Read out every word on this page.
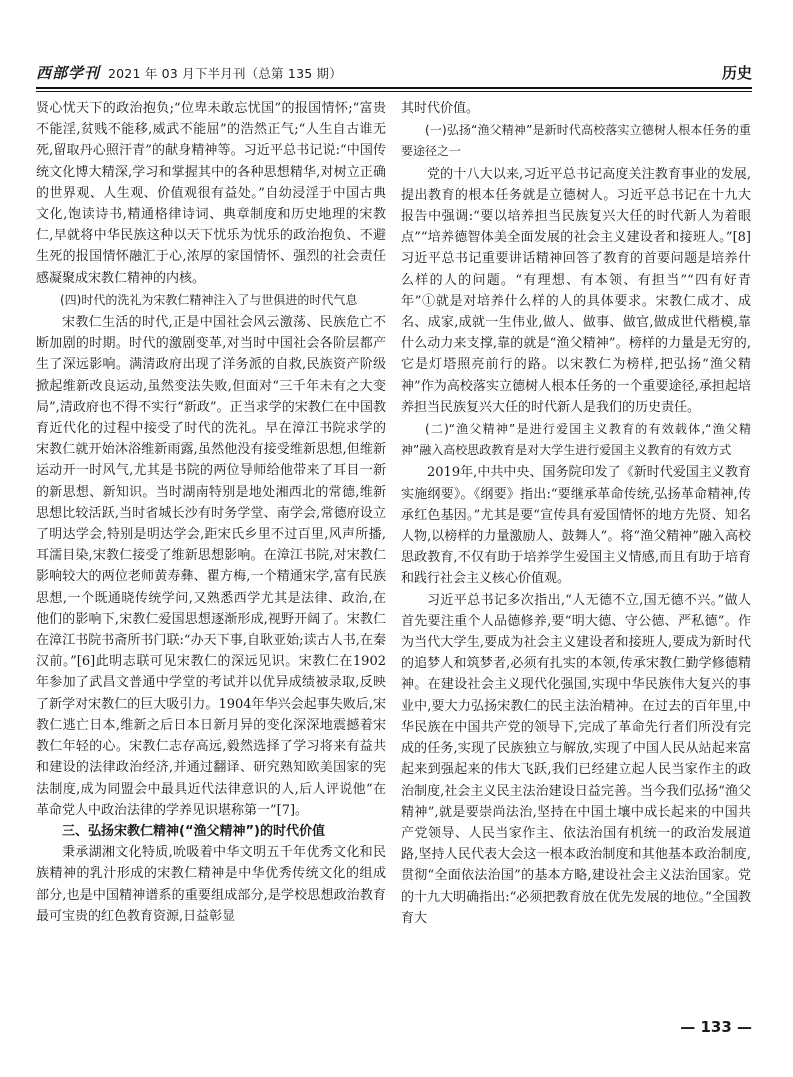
西部学刊 2021 年 03 月下半月刊（总第 135 期）	历史

贤心忧天下的政治抱负;“位卑未敢忘忧国”的报国情怀;“富贵不能淫,贫贱不能移,威武不能屈”的浩然正气;“人生自古谁无死,留取丹心照汗青”的献身精神等。习近平总书记说:“中国传统文化博大精深,学习和掌握其中的各种思想精华,对树立正确的世界观、人生观、价值观很有益处。”自幼浸淫于中国古典文化,饱读诗书,精通格律诗词、典章制度和历史地理的宋教仁,早就将中华民族这种以天下忧乐为忧乐的政治抱负、不避生死的报国情怀融汇于心,浓厚的家国情怀、强烈的社会责任感凝聚成宋教仁精神的内核。

(四)时代的洗礼为宋教仁精神注入了与世俱进的时代气息

宋教仁生活的时代,正是中国社会风云激荡、民族危亡不断加剧的时期。时代的激剧变革,对当时中国社会各阶层都产生了深远影响。满清政府出现了洋务派的自救,民族资产阶级掀起维新改良运动,虽然变法失败,但面对“三千年未有之大变局”,清政府也不得不实行“新政”。正当求学的宋教仁在中国教育近代化的过程中接受了时代的洗礼。早在漳江书院求学的宋教仁就开始沐浴维新雨露,虽然他没有接受维新思想,但维新运动开一时风气,尤其是书院的两位导师给他带来了耳目一新的新思想、新知识。当时湖南特别是地处湘西北的常德,维新思想比较活跃,当时省城长沙有时务学堂、南学会,常德府设立了明达学会,特别是明达学会,距宋氏乡里不过百里,风声所播,耳濡目染,宋教仁接受了维新思想影响。在漳江书院,对宋教仁影响较大的两位老师黄寿彝、瞿方梅,一个精通宋学,富有民族思想,一个既通晓传统学问,又熟悉西学尤其是法律、政治,在他们的影响下,宋教仁爱国思想逐渐形成,视野开阔了。宋教仁在漳江书院书斋所书门联:“办天下事,自耿亚始;读古人书,在秦汉前。”[6]此明志联可见宋教仁的深远见识。宋教仁在1902年参加了武昌文普通中学堂的考试并以优异成绩被录取,反映了新学对宋教仁的巨大吸引力。1904年华兴会起事失败后,宋教仁逃亡日本,维新之后日本日新月异的变化深深地震撼着宋教仁年轻的心。宋教仁志存高远,毅然选择了学习将来有益共和建设的法律政治经济,并通过翻译、研究熟知欧美国家的宪法制度,成为同盟会中最具近代法律意识的人,后人评说他“在革命党人中政治法律的学养见识堪称第一”[7]。

三、弘扬宋教仁精神(“渔父精神”)的时代价值

秉承湖湘文化特质,吮吸着中华文明五千年优秀文化和民族精神的乳汁形成的宋教仁精神是中华优秀传统文化的组成部分,也是中国精神谱系的重要组成部分,是学校思想政治教育最可宝贵的红色教育资源,日益彰显

其时代价值。

(一)弘扬“渔父精神”是新时代高校落实立德树人根本任务的重要途径之一

党的十八大以来,习近平总书记高度关注教育事业的发展,提出教育的根本任务就是立德树人。习近平总书记在十九大报告中强调:“要以培养担当民族复兴大任的时代新人为着眼点”“培养德智体美全面发展的社会主义建设者和接班人。”[8]习近平总书记重要讲话精神回答了教育的首要问题是培养什么样的人的问题。“有理想、有本领、有担当”“四有好青年”①就是对培养什么样的人的具体要求。宋教仁成才、成名、成家,成就一生伟业,做人、做事、做官,做成世代楷模,靠什么动力来支撑,靠的就是“渔父精神”。榜样的力量是无穷的,它是灯塔照亮前行的路。以宋教仁为榜样,把弘扬“渔父精神”作为高校落实立德树人根本任务的一个重要途径,承担起培养担当民族复兴大任的时代新人是我们的历史责任。

(二)“渔父精神”是进行爱国主义教育的有效载体,“渔父精神”融入高校思政教育是对大学生进行爱国主义教育的有效方式

2019年,中共中央、国务院印发了《新时代爱国主义教育实施纲要》。《纲要》指出:“要继承革命传统,弘扬革命精神,传承红色基因。”尤其是要“宣传具有爱国情怀的地方先贤、知名人物,以榜样的力量激励人、鼓舞人”。将“渔父精神”融入高校思政教育,不仅有助于培养学生爱国主义情感,而且有助于培育和践行社会主义核心价值观。

习近平总书记多次指出,“人无德不立,国无德不兴。”做人首先要注重个人品德修养,要“明大德、守公德、严私德”。作为当代大学生,要成为社会主义建设者和接班人,要成为新时代的追梦人和筑梦者,必须有扎实的本领,传承宋教仁勤学修德精神。在建设社会主义现代化强国,实现中华民族伟大复兴的事业中,要大力弘扬宋教仁的民主法治精神。在过去的百年里,中华民族在中国共产党的领导下,完成了革命先行者们所没有完成的任务,实现了民族独立与解放,实现了中国人民从站起来富起来到强起来的伟大飞跃,我们已经建立起人民当家作主的政治制度,社会主义民主法治建设日益完善。当今我们弘扬“渔父精神”,就是要崇尚法治,坚持在中国土壤中成长起来的中国共产党领导、人民当家作主、依法治国有机统一的政治发展道路,坚持人民代表大会这一根本政治制度和其他基本政治制度,贯彻“全面依法治国”的基本方略,建设社会主义法治国家。党的十九大明确指出:“必须把教育放在优先发展的地位。”全国教育大

— 133 —
